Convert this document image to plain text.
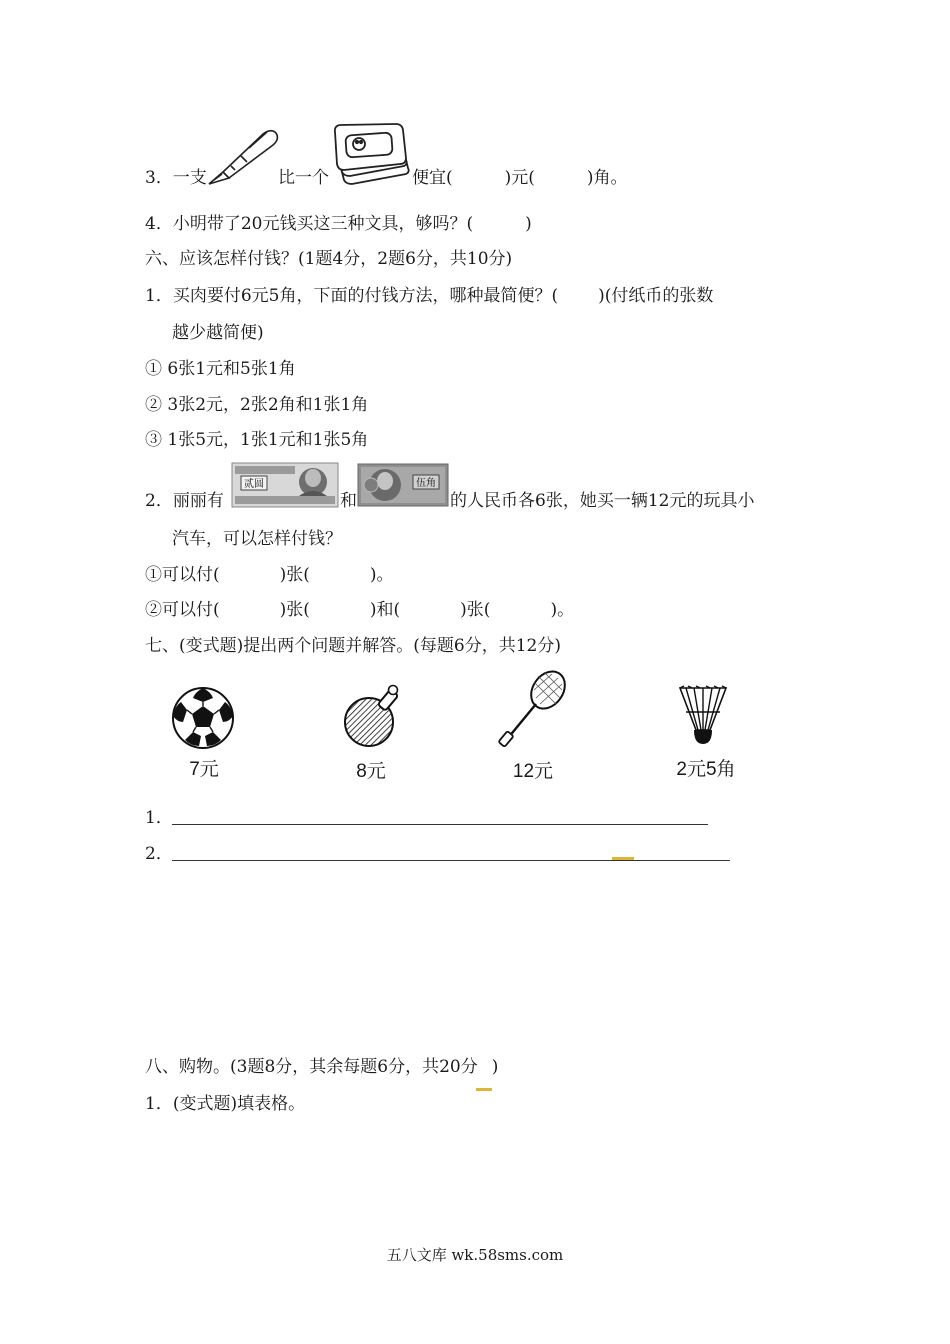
3．一支	比一个	便宜(	)元(	)角。
4．小明带了20元钱买这三种文具，够吗？(	)
六、应该怎样付钱？(1题4分，2题6分，共10分)
1．买肉要付6元5角，下面的付钱方法，哪种最简便？( )(付纸币的张数
越少越简便)
① 6张1元和5张1角
② 3张2元，2张2角和1张1角
③ 1张5元，1张1元和1张5角
2．丽丽有
贰圆
和
伍角
的人民币各6张，她买一辆12元的玩具小
汽车，可以怎样付钱？
①可以付(	)张(	)。
②可以付(	)张(	)和(	)张(	)。
七、(变式题)提出两个问题并解答。(每题6分，共12分)
7元	8元	12元	2元5角
1．
2．
八、购物。(3题8分，其余每题6分，共20分 )
1．(变式题)填表格。
五八文库 wk.58sms.com
